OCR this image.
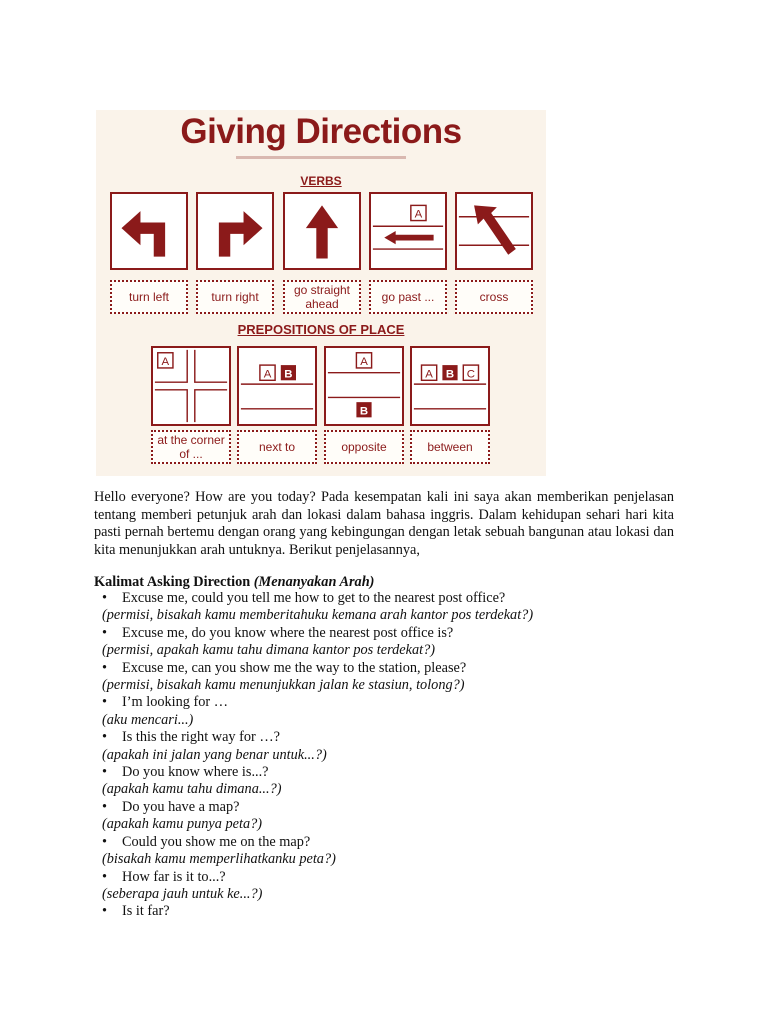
Giving Directions
VERBS
A
turn left	turn right	go straight ahead	go past ...	cross
PREPOSITIONS OF PLACE
A
A B
A
B
A B C
at the corner of ...	next to	opposite	between
Hello everyone? How are you today? Pada kesempatan kali ini saya akan memberikan penjelasan tentang memberi petunjuk arah dan lokasi dalam bahasa inggris. Dalam kehidupan sehari hari kita pasti pernah bertemu dengan orang yang kebingungan dengan letak sebuah bangunan atau lokasi dan kita menunjukkan arah untuknya. Berikut penjelasannya,
Kalimat Asking Direction (Menanyakan Arah)
• Excuse me, could you tell me how to get to the nearest post office?
(permisi, bisakah kamu memberitahuku kemana arah kantor pos terdekat?)
• Excuse me, do you know where the nearest post office is?
(permisi, apakah kamu tahu dimana kantor pos terdekat?)
• Excuse me, can you show me the way to the station, please?
(permisi, bisakah kamu menunjukkan jalan ke stasiun, tolong?)
• I’m looking for …
(aku mencari...)
• Is this the right way for …?
(apakah ini jalan yang benar untuk...?)
• Do you know where is...?
(apakah kamu tahu dimana...?)
• Do you have a map?
(apakah kamu punya peta?)
• Could you show me on the map?
(bisakah kamu memperlihatkanku peta?)
• How far is it to...?
(seberapa jauh untuk ke...?)
• Is it far?
